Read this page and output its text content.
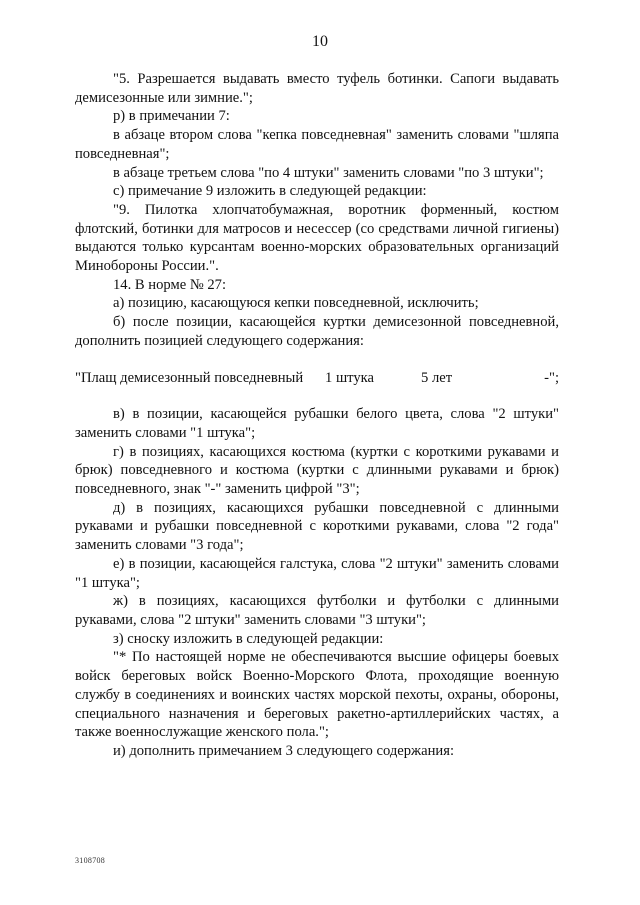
10

"5. Разрешается выдавать вместо туфель ботинки. Сапоги выдавать демисезонные или зимние.";

р) в примечании 7:

в абзаце втором слова "кепка повседневная" заменить словами "шляпа повседневная";

в абзаце третьем слова "по 4 штуки" заменить словами "по 3 штуки";

с) примечание 9 изложить в следующей редакции:

"9. Пилотка хлопчатобумажная, воротник форменный, костюм флотский, ботинки для матросов и несессер (со средствами личной гигиены) выдаются только курсантам военно-морских образовательных организаций Минобороны России.".

14. В норме № 27:

а) позицию, касающуюся кепки повседневной, исключить;

б) после позиции, касающейся куртки демисезонной повседневной, дополнить позицией следующего содержания:

"Плащ демисезонный повседневный	1 штука	5 лет	-";

в) в позиции, касающейся рубашки белого цвета, слова "2 штуки" заменить словами "1 штука";

г) в позициях, касающихся костюма (куртки с короткими рукавами и брюк) повседневного и костюма (куртки с длинными рукавами и брюк) повседневного, знак "-" заменить цифрой "3";

д) в позициях, касающихся рубашки повседневной с длинными рукавами и рубашки повседневной с короткими рукавами, слова "2 года" заменить словами "3 года";

е) в позиции, касающейся галстука, слова "2 штуки" заменить словами "1 штука";

ж) в позициях, касающихся футболки и футболки с длинными рукавами, слова "2 штуки" заменить словами "3 штуки";

з) сноску изложить в следующей редакции:

"* По настоящей норме не обеспечиваются высшие офицеры боевых войск береговых войск Военно-Морского Флота, проходящие военную службу в соединениях и воинских частях морской пехоты, охраны, обороны, специального назначения и береговых ракетно-артиллерийских частях, а также военнослужащие женского пола.";

и) дополнить примечанием 3 следующего содержания:

3108708
